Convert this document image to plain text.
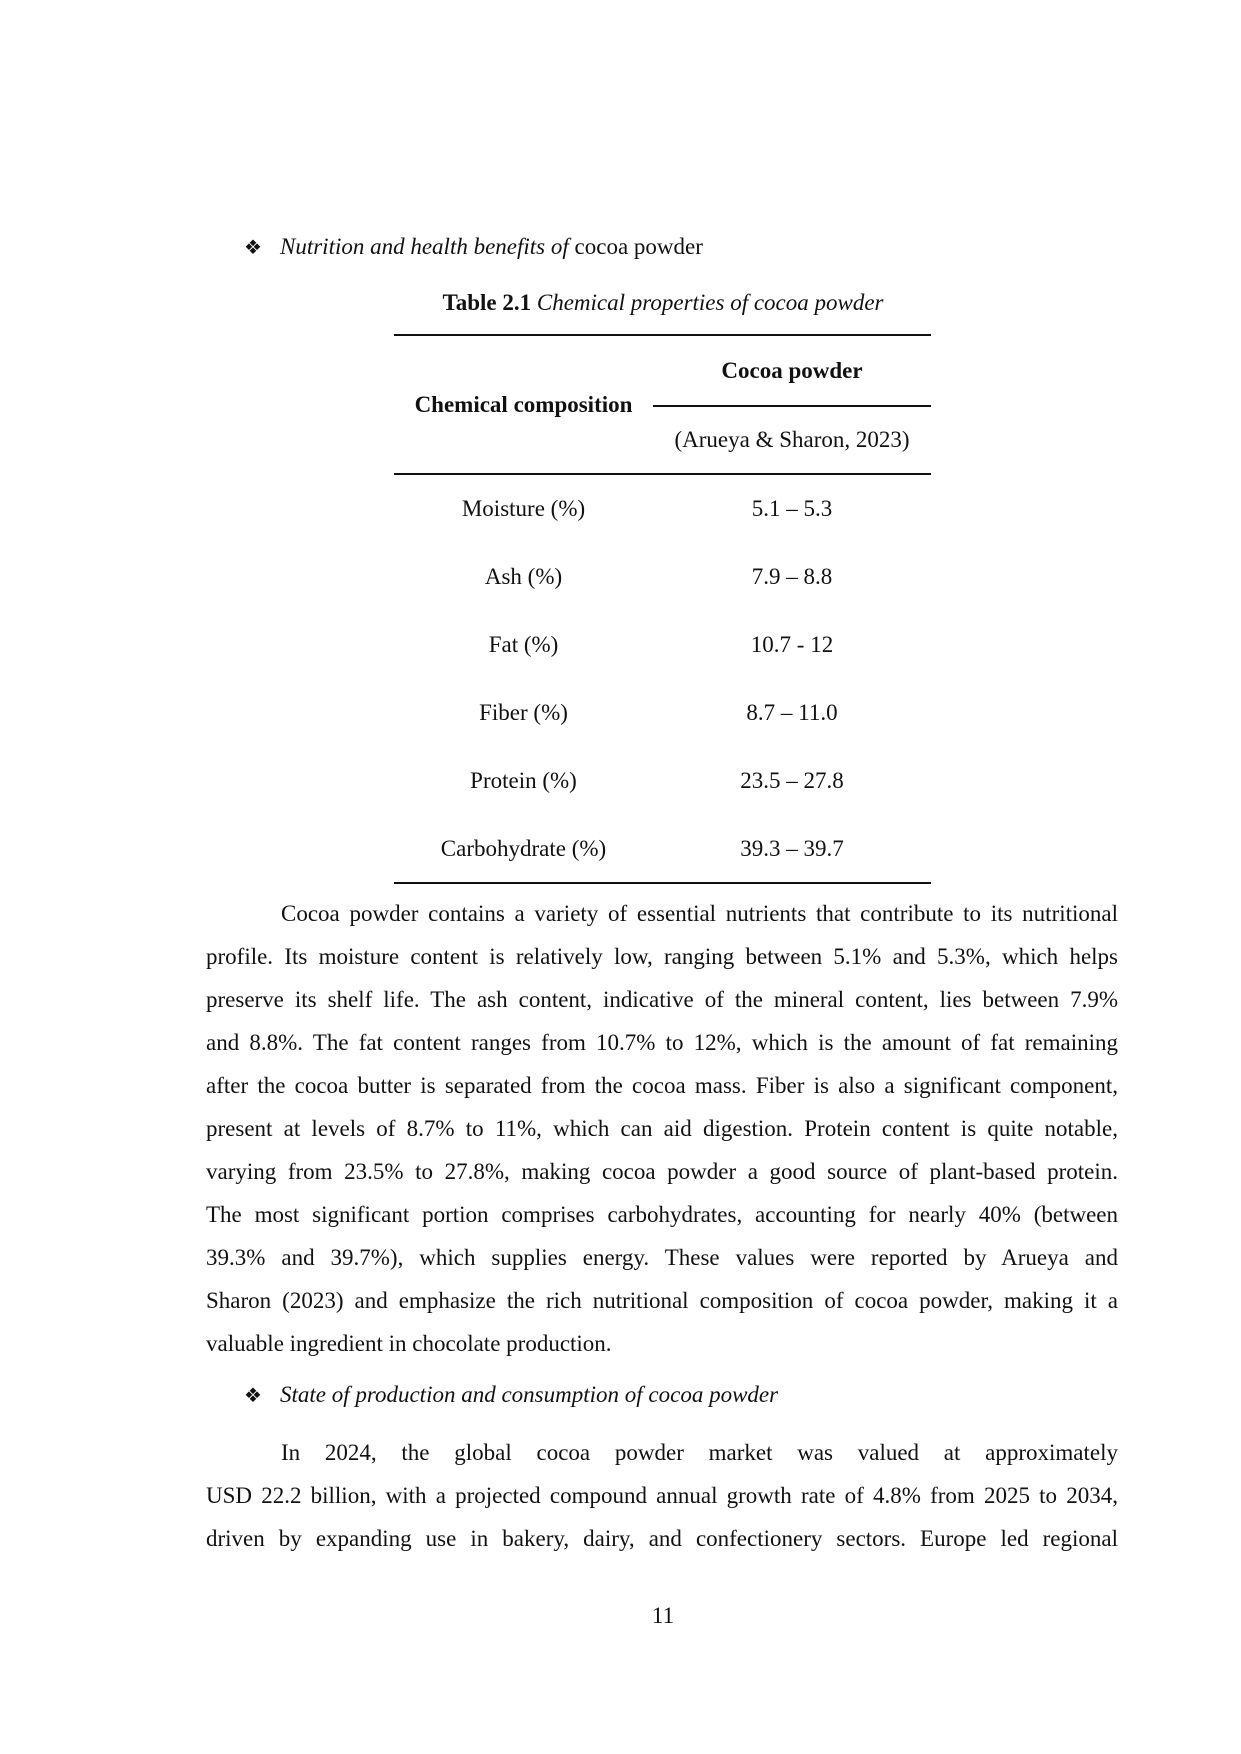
❖ Nutrition and health benefits of cocoa powder
Table 2.1 Chemical properties of cocoa powder
Chemical composition
Cocoa powder
(Arueya & Sharon, 2023)
Moisture (%)	5.1 – 5.3
Ash (%)	7.9 – 8.8
Fat (%)	10.7 - 12
Fiber (%)	8.7 – 11.0
Protein (%)	23.5 – 27.8
Carbohydrate (%)	39.3 – 39.7
Cocoa powder contains a variety of essential nutrients that contribute to its nutritional
profile. Its moisture content is relatively low, ranging between 5.1% and 5.3%, which helps
preserve its shelf life. The ash content, indicative of the mineral content, lies between 7.9%
and 8.8%. The fat content ranges from 10.7% to 12%, which is the amount of fat remaining
after the cocoa butter is separated from the cocoa mass. Fiber is also a significant component,
present at levels of 8.7% to 11%, which can aid digestion. Protein content is quite notable,
varying from 23.5% to 27.8%, making cocoa powder a good source of plant-based protein.
The most significant portion comprises carbohydrates, accounting for nearly 40% (between
39.3% and 39.7%), which supplies energy. These values were reported by Arueya and
Sharon (2023) and emphasize the rich nutritional composition of cocoa powder, making it a
valuable ingredient in chocolate production.
❖ State of production and consumption of cocoa powder
In 2024, the global cocoa powder market was valued at approximately
USD 22.2 billion, with a projected compound annual growth rate of 4.8% from 2025 to 2034,
driven by expanding use in bakery, dairy, and confectionery sectors. Europe led regional
11
